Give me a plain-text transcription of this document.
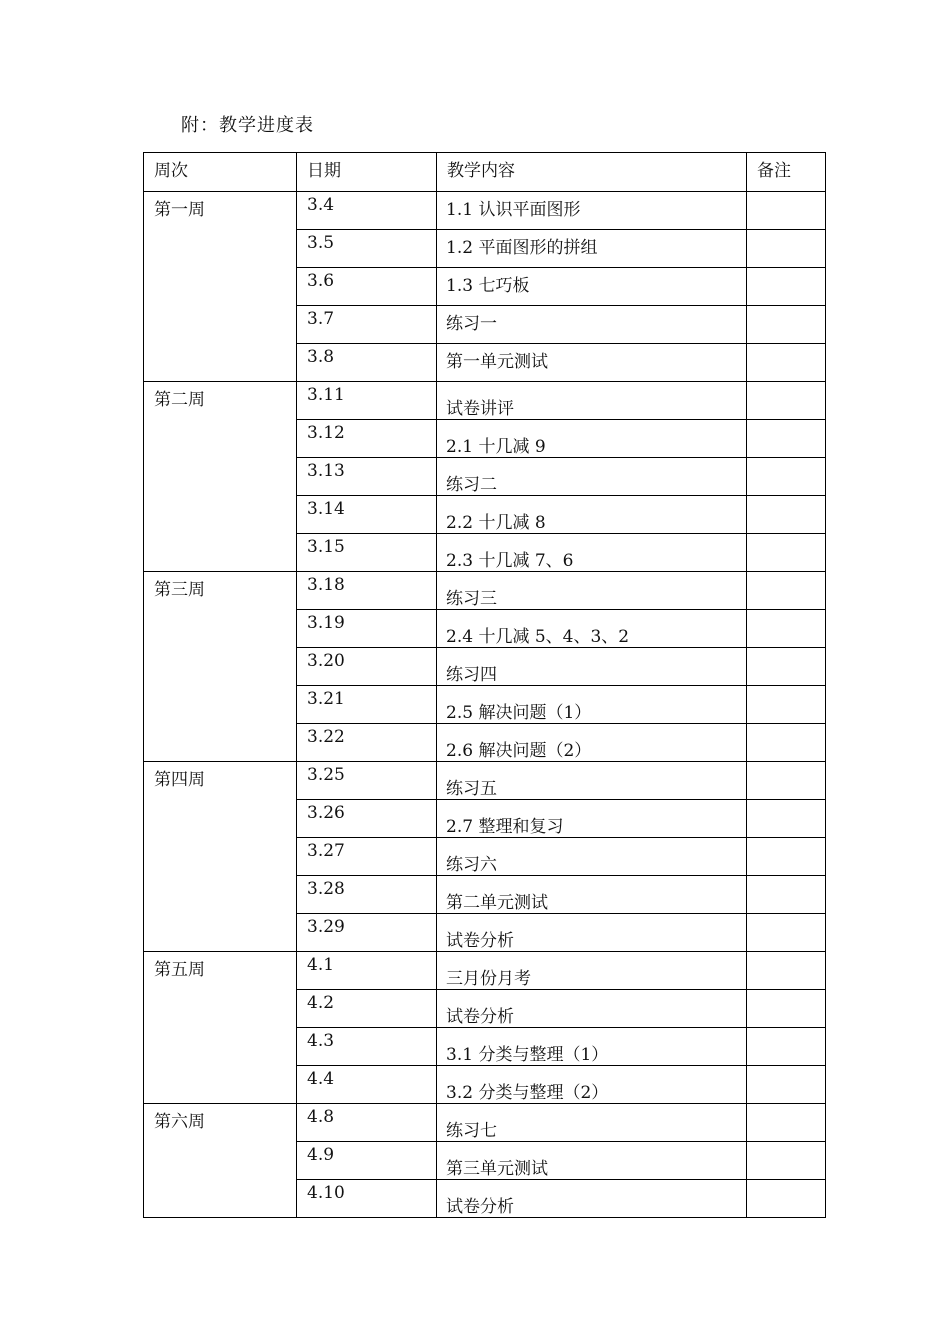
附：教学进度表
周次	日期	教学内容	备注
第一周	3.4	1.1 认识平面图形	
	3.5	1.2 平面图形的拼组	
	3.6	1.3 七巧板	
	3.7	练习一	
	3.8	第一单元测试	
第二周	3.11	试卷讲评	
	3.12	2.1 十几减 9	
	3.13	练习二	
	3.14	2.2 十几减 8	
	3.15	2.3 十几减 7、6	
第三周	3.18	练习三	
	3.19	2.4 十几减 5、4、3、2	
	3.20	练习四	
	3.21	2.5 解决问题（1）	
	3.22	2.6 解决问题（2）	
第四周	3.25	练习五	
	3.26	2.7 整理和复习	
	3.27	练习六	
	3.28	第二单元测试	
	3.29	试卷分析	
第五周	4.1	三月份月考	
	4.2	试卷分析	
	4.3	3.1 分类与整理（1）	
	4.4	3.2 分类与整理（2）	
第六周	4.8	练习七	
	4.9	第三单元测试	
	4.10	试卷分析	
